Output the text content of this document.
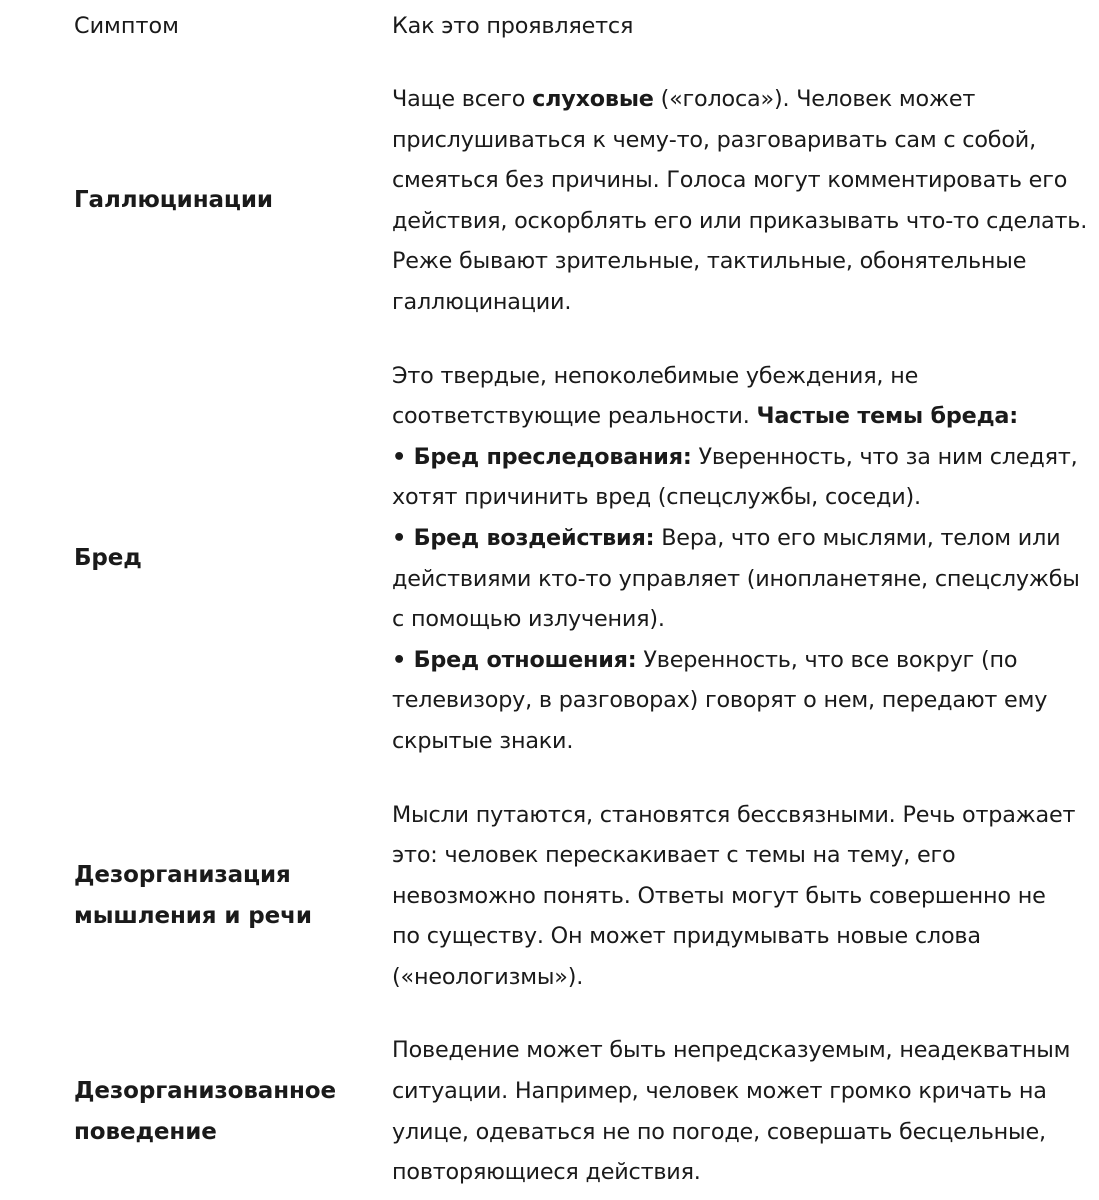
Симптом	Как это проявляется
Галлюцинации
Чаще всего слуховые («голоса»). Человек может
прислушиваться к чему-то, разговаривать сам с собой,
смеяться без причины. Голоса могут комментировать его
действия, оскорблять его или приказывать что-то сделать.
Реже бывают зрительные, тактильные, обонятельные
галлюцинации.
Бред
Это твердые, непоколебимые убеждения, не
соответствующие реальности. Частые темы бреда:
• Бред преследования: Уверенность, что за ним следят,
хотят причинить вред (спецслужбы, соседи).
• Бред воздействия: Вера, что его мыслями, телом или
действиями кто-то управляет (инопланетяне, спецслужбы
с помощью излучения).
• Бред отношения: Уверенность, что все вокруг (по
телевизору, в разговорах) говорят о нем, передают ему
скрытые знаки.
Дезорганизация
мышления и речи
Мысли путаются, становятся бессвязными. Речь отражает
это: человек перескакивает с темы на тему, его
невозможно понять. Ответы могут быть совершенно не
по существу. Он может придумывать новые слова
(«неологизмы»).
Дезорганизованное
поведение
Поведение может быть непредсказуемым, неадекватным
ситуации. Например, человек может громко кричать на
улице, одеваться не по погоде, совершать бесцельные,
повторяющиеся действия.
